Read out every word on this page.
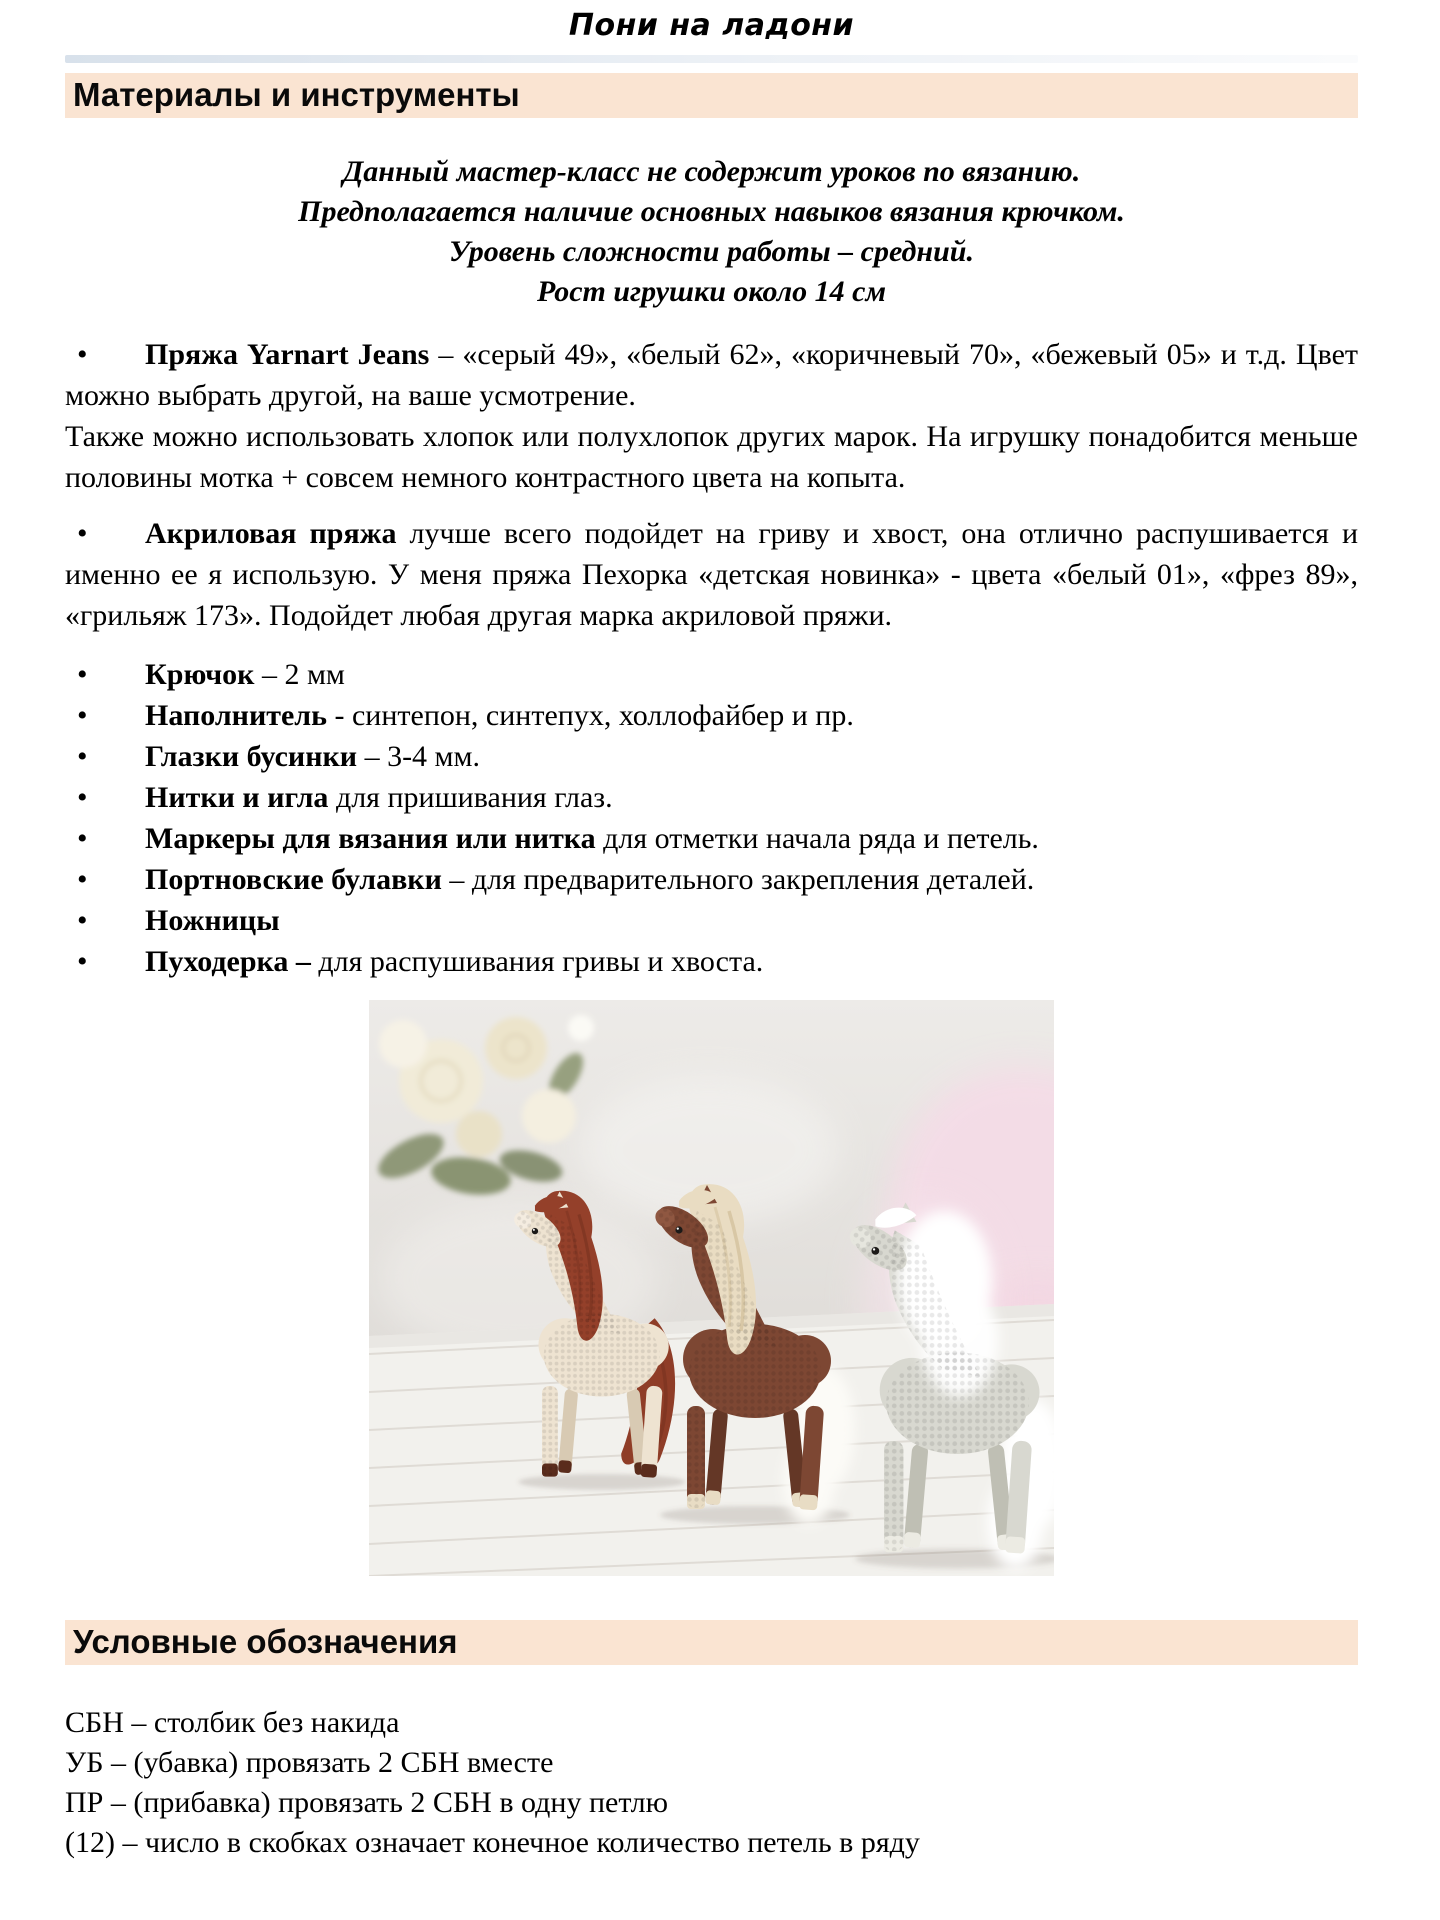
Пони на ладони
Материалы и инструменты
Данный мастер-класс не содержит уроков по вязанию.
Предполагается наличие основных навыков вязания крючком.
Уровень сложности работы – средний.
Рост игрушки около 14 см

• Пряжа Yarnart Jeans – «серый 49», «белый 62», «коричневый 70», «бежевый 05» и т.д. Цвет можно выбрать другой, на ваше усмотрение.

Также можно использовать хлопок или полухлопок других марок. На игрушку понадобится меньше половины мотка + совсем немного контрастного цвета на копыта.

• Акриловая пряжа лучше всего подойдет на гриву и хвост, она отлично распушивается и именно ее я использую. У меня пряжа Пехорка «детская новинка» - цвета «белый 01», «фрез 89», «грильяж 173». Подойдет любая другая марка акриловой пряжи.

• Крючок – 2 мм
• Наполнитель - синтепон, синтепух, холлофайбер и пр.
• Глазки бусинки – 3-4 мм.
• Нитки и игла для пришивания глаз.
• Маркеры для вязания или нитка для отметки начала ряда и петель.
• Портновские булавки – для предварительного закрепления деталей.
• Ножницы
• Пуходерка – для распушивания гривы и хвоста.
Условные обозначения
СБН – столбик без накида
УБ – (убавка) провязать 2 СБН вместе
ПР – (прибавка) провязать 2 СБН в одну петлю
(12) – число в скобках означает конечное количество петель в ряду
